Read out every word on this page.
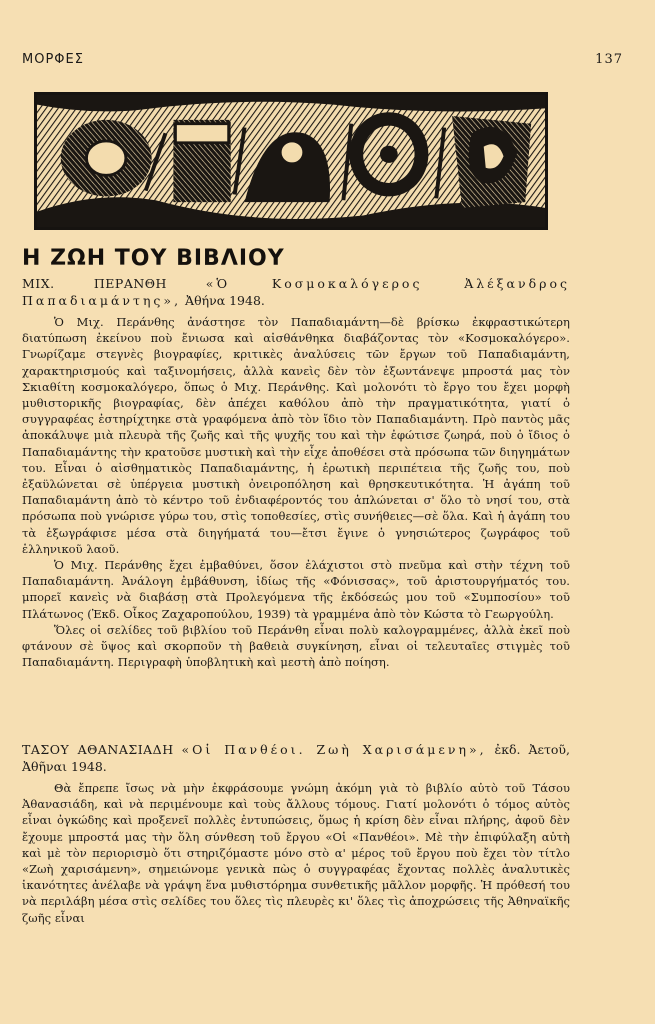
ΜΟΡΦΕΣ	137
Η ΖΩΗ ΤΟΥ ΒΙΒΛΙΟΥ
ΜΙΧ. ΠΕΡΑΝΘΗ	«Ὁ Κοσμοκαλόγερος Ἀλέξανδρος Παπαδιαμάντης», Ἀθήνα 1948.

Ὁ Μιχ. Περάνθης ἀνάστησε τὸν Παπαδιαμάντη—δὲ βρίσκω ἐκφραστικώτερη διατύπωση ἐκείνου ποὺ ἔνιωσα καὶ αἰσθάνθηκα διαβάζοντας τὸν «Κοσμοκαλόγερο». Γνωρίζαμε στεγνὲς βιογραφίες, κριτικὲς ἀναλύσεις τῶν ἔργων τοῦ Παπαδιαμάντη, χαρακτηρισμούς καὶ ταξινομήσεις, ἀλλὰ κανεὶς δὲν τὸν ἐξωντάνεψε μπροστά μας τὸν Σκιαθίτη κοσμοκαλόγερο, ὅπως ὁ Μιχ. Περάνθης. Καὶ μολονότι τὸ ἔργο του ἔχει μορφὴ μυθιστορικῆς βιογραφίας, δὲν ἀπέχει καθόλου ἀπὸ τὴν πραγματικότητα, γιατί ὁ συγγραφέας ἐστηρίχτηκε στὰ γραφόμενα ἀπὸ τὸν ἴδιο τὸν Παπαδιαμάντη. Πρὸ παντὸς μᾶς ἀποκάλυψε μιὰ πλευρὰ τῆς ζωῆς καὶ τῆς ψυχῆς του καὶ τὴν ἐφώτισε ζωηρά, ποὺ ὁ ἴδιος ὁ Παπαδιαμάντης τὴν κρατοῦσε μυστικὴ καὶ τὴν εἶχε ἀποθέσει στὰ πρόσωπα τῶν διηγημάτων του. Εἶναι ὁ αἰσθηματικὸς Παπαδιαμάντης, ἡ ἐρωτικὴ περιπέτεια τῆς ζωῆς του, ποὺ ἐξαϋλώνεται σὲ ὑπέργεια μυστικὴ ὀνειροπόληση καὶ θρησκευτικότητα. Ἡ ἀγάπη τοῦ Παπαδιαμάντη ἀπὸ τὸ κέντρο τοῦ ἐνδιαφέροντός του ἁπλώνεται σ' ὅλο τὸ νησί του, στὰ πρόσωπα ποὺ γνώρισε γύρω του, στὶς τοποθεσίες, στὶς συνήθειες—σὲ ὅλα. Καὶ ἡ ἀγάπη του τὰ ἐξωγράφισε μέσα στὰ διηγήματά του—ἔτσι ἔγινε ὁ γνησιώτερος ζωγράφος τοῦ ἑλληνικοῦ λαοῦ.

Ὁ Μιχ. Περάνθης ἔχει ἐμβαθύνει, ὅσον ἐλάχιστοι στὸ πνεῦμα καὶ στὴν τέχνη τοῦ Παπαδιαμάντη. Ἀνάλογη ἐμβάθυνση, ἰδίως τῆς «Φόνισσας», τοῦ ἀριστουργήματός του. μπορεῖ κανεὶς νὰ διαβάσῃ στὰ Προλεγόμενα τῆς ἐκδόσεώς μου τοῦ «Συμποσίου» τοῦ Πλάτωνος (Ἐκδ. Οἶκος Ζαχαροπούλου, 1939) τὰ γραμμένα ἀπὸ τὸν Κώστα τὸ Γεωργούλη.

Ὅλες οἱ σελίδες τοῦ βιβλίου τοῦ Περάνθη εἶναι πολὺ καλογραμμένες, ἀλλὰ ἐκεῖ ποὺ φτάνουν σὲ ὕψος καὶ σκορποῦν τὴ βαθειὰ συγκίνηση, εἶναι οἱ τελευταῖες στιγμὲς τοῦ Παπαδιαμάντη. Περιγραφὴ ὑποβλητικὴ καὶ μεστὴ ἀπὸ ποίηση.

ΤΑΣΟΥ ΑΘΑΝΑΣΙΑΔΗ «Οἱ Πανθέοι. Ζωὴ Χαρισάμενη», ἐκδ. Ἀετοῦ, Ἀθῆναι 1948.

Θὰ ἔπρεπε ἴσως νὰ μὴν ἐκφράσουμε γνώμη ἀκόμη γιὰ τὸ βιβλίο αὐτὸ τοῦ Τάσου Ἀθανασιάδη, καὶ νὰ περιμένουμε καὶ τοὺς ἄλλους τόμους. Γιατί μολονότι ὁ τόμος αὐτὸς εἶναι ὀγκώδης καὶ προξενεῖ πολλὲς ἐντυπώσεις, ὅμως ἡ κρίση δὲν εἶναι πλήρης, ἀφοῦ δὲν ἔχουμε μπροστά μας τὴν ὅλη σύνθεση τοῦ ἔργου «Οἱ «Πανθέοι». Μὲ τὴν ἐπιφύλαξη αὐτὴ καὶ μὲ τὸν περιορισμὸ ὅτι στηριζόμαστε μόνο στὸ α' μέρος τοῦ ἔργου ποὺ ἔχει τὸν τίτλο «Ζωὴ χαρισάμενη», σημειώνομε γενικὰ πὼς ὁ συγγραφέας ἔχοντας πολλὲς ἀναλυτικὲς ἱκανότητες ἀνέλαβε νὰ γράψη ἕνα μυθιστόρημα συνθετικῆς μᾶλλον μορφῆς. Ἡ πρόθεσή του νὰ περιλάβη μέσα στὶς σελίδες του ὅλες τὶς πλευρὲς κι' ὅλες τὶς ἀποχρώσεις τῆς Ἀθηναϊκῆς ζωῆς εἶναι
